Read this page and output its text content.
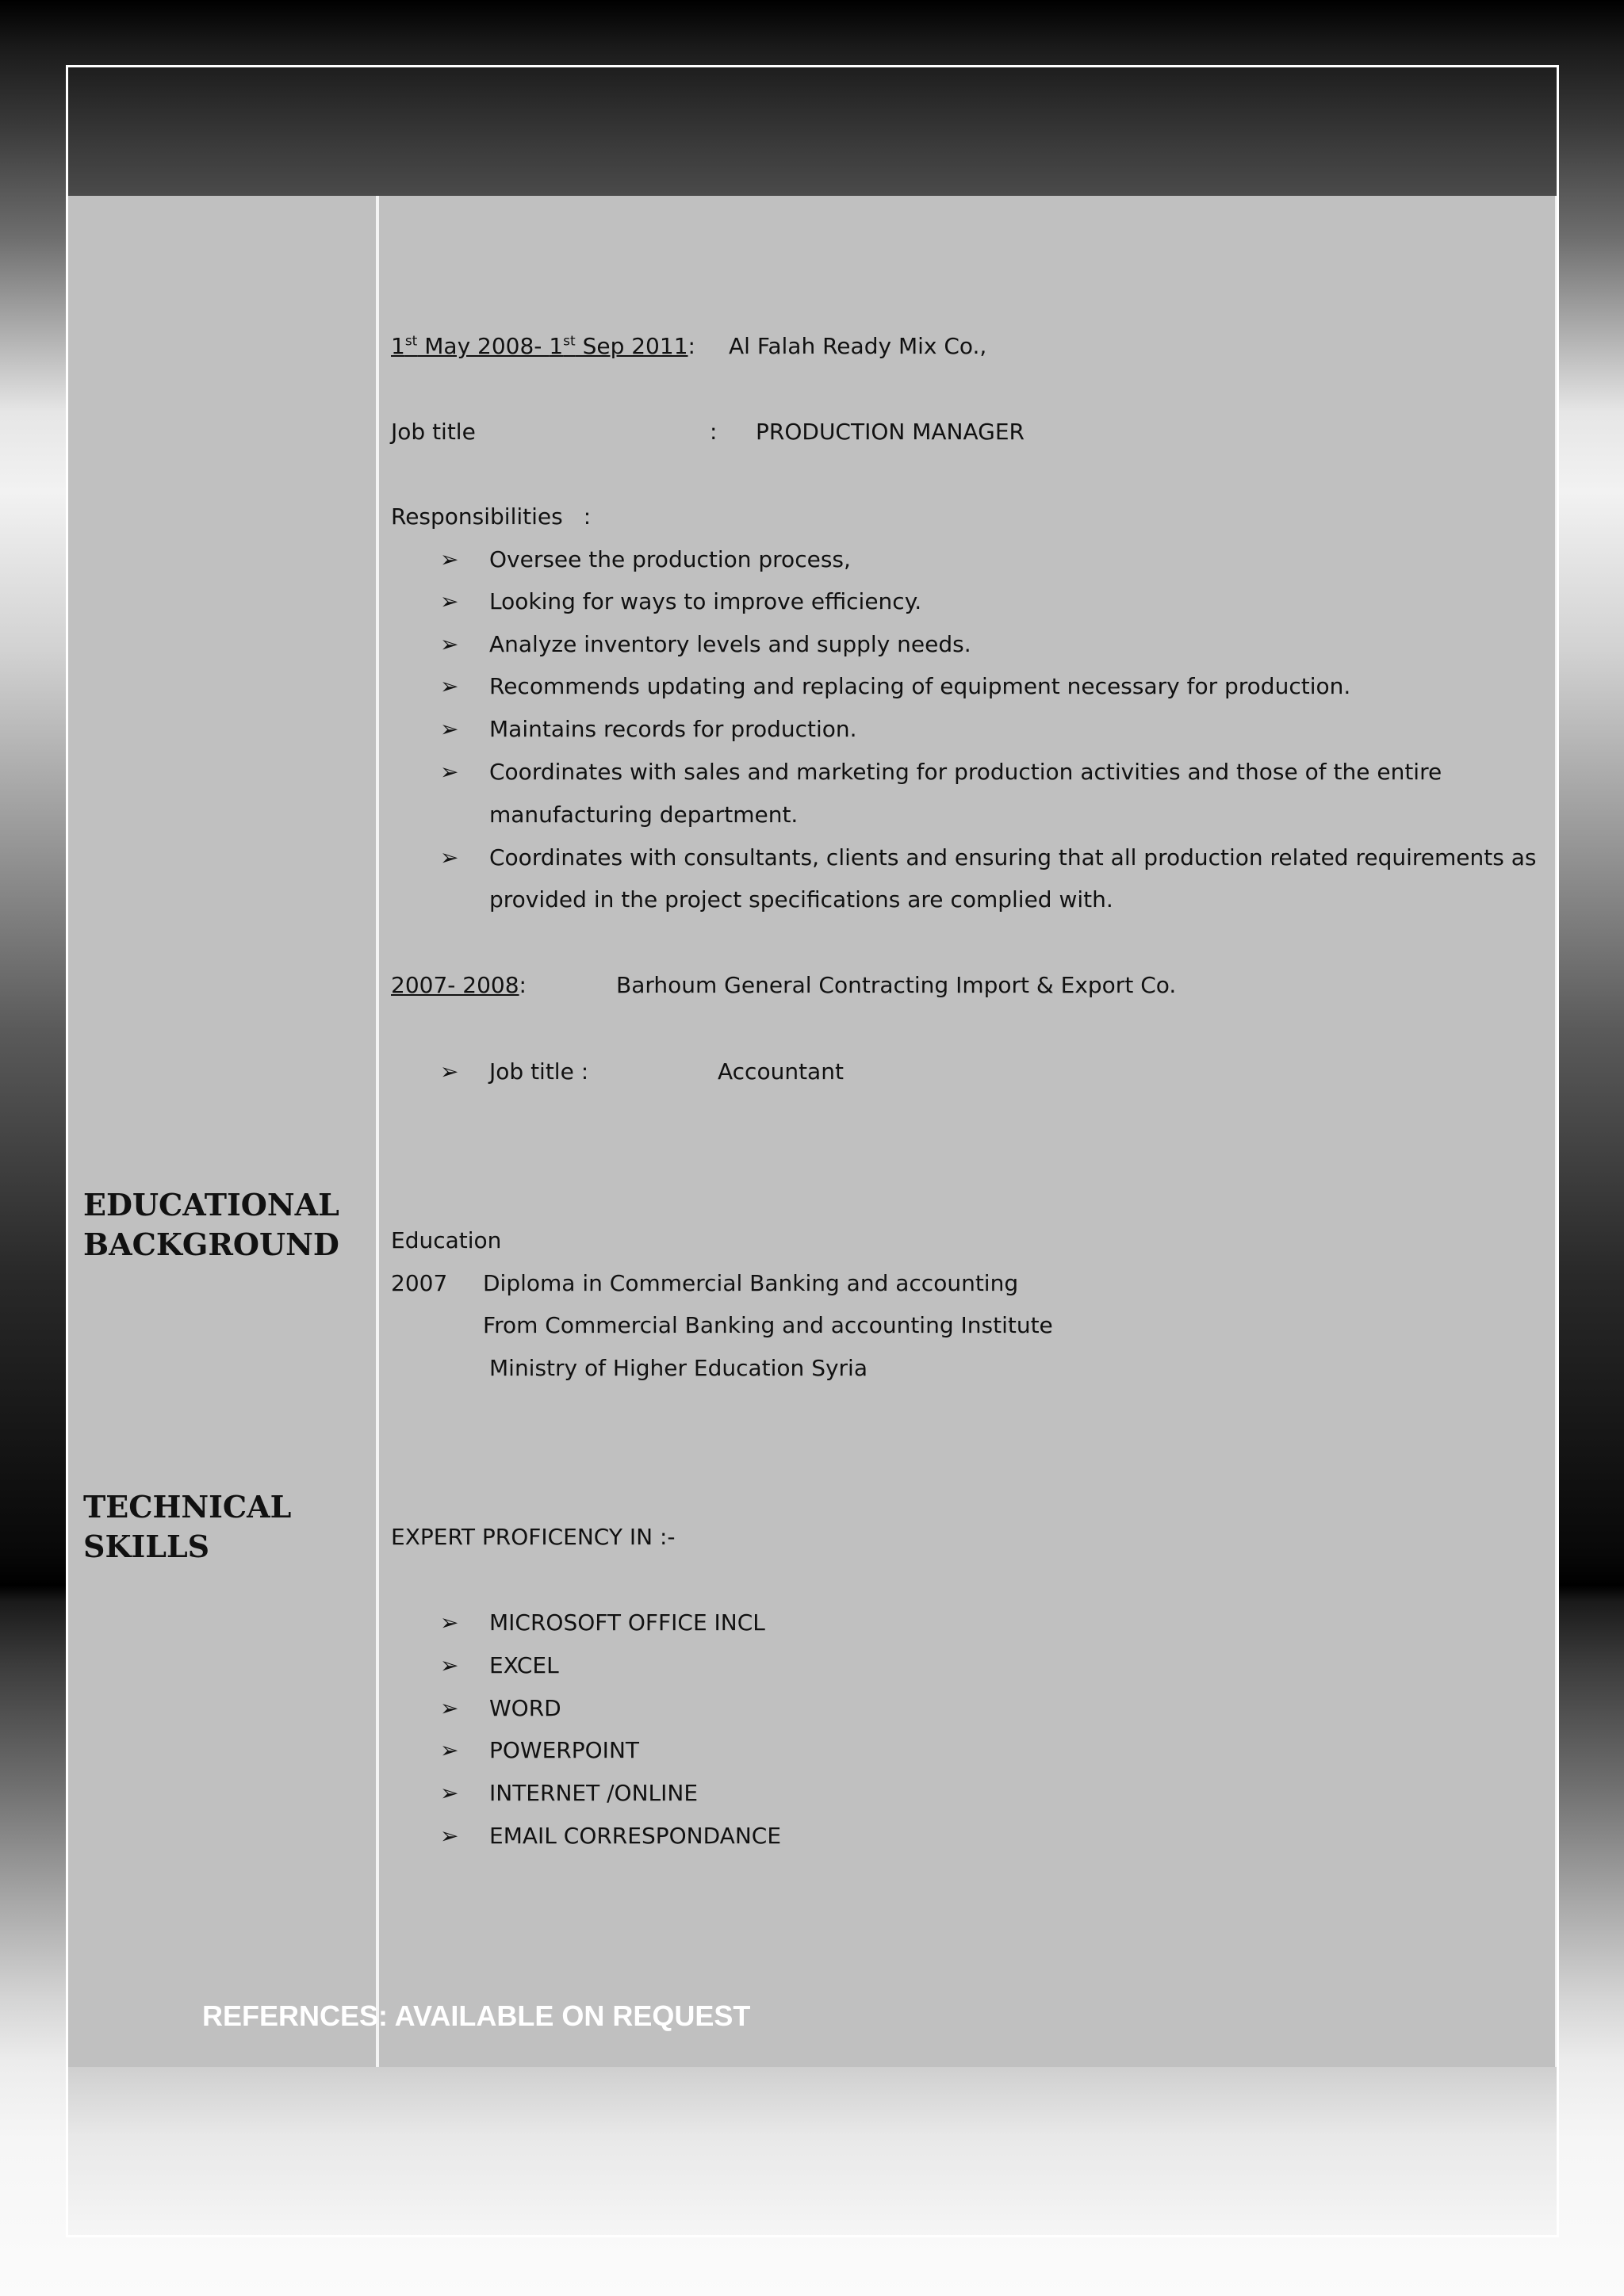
1st May 2008- 1st Sep 2011: Al Falah Ready Mix Co.,
Job title	: PRODUCTION MANAGER
Responsibilities :
➢ Oversee the production process,
➢ Looking for ways to improve efficiency.
➢ Analyze inventory levels and supply needs.
➢ Recommends updating and replacing of equipment necessary for production.
➢ Maintains records for production.
➢ Coordinates with sales and marketing for production activities and those of the entire
manufacturing department.
➢ Coordinates with consultants, clients and ensuring that all production related requirements as
provided in the project specifications are complied with.
2007- 2008:	Barhoum General Contracting Import & Export Co.
➢ Job title :	Accountant
EDUCATIONAL
BACKGROUND	Education
2007 Diploma in Commercial Banking and accounting
From Commercial Banking and accounting Institute
Ministry of Higher Education Syria
TECHNICAL
SKILLS	EXPERT PROFICENCY IN :-
➢ MICROSOFT OFFICE INCL
➢ EXCEL
➢ WORD
➢ POWERPOINT
➢ INTERNET /ONLINE
➢ EMAIL CORRESPONDANCE
REFERNCES: AVAILABLE ON REQUEST
